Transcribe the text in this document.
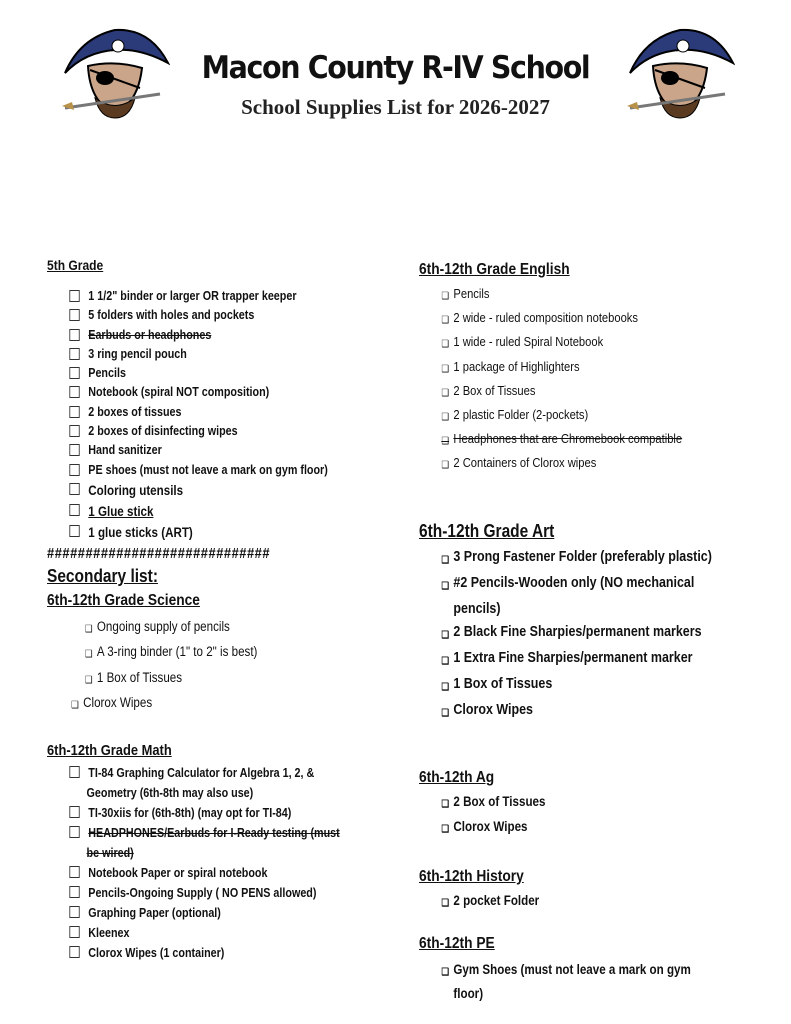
Macon County R-IV School
School Supplies List for 2026-2027
5th Grade
1 1/2" binder or larger OR trapper keeper
5 folders with holes and pockets
Earbuds or headphones
3 ring pencil pouch
Pencils
Notebook (spiral NOT composition)
2 boxes of tissues
2 boxes of disinfecting wipes
Hand sanitizer
PE shoes (must not leave a mark on gym floor)
Coloring utensils
1 Glue stick
1 glue sticks (ART)
#############################
Secondary list:
6th-12th Grade Science
❑ Ongoing supply of pencils
❑ A 3-ring binder (1" to 2" is best)
❑ 1 Box of Tissues
❑ Clorox Wipes
6th-12th Grade Math
TI-84 Graphing Calculator for Algebra 1, 2, &
Geometry (6th-8th may also use)
TI-30xiis for (6th-8th) (may opt for TI-84)
HEADPHONES/Earbuds for I-Ready testing (must
be wired)
Notebook Paper or spiral notebook
Pencils-Ongoing Supply ( NO PENS allowed)
Graphing Paper (optional)
Kleenex
Clorox Wipes (1 container)
6th-12th Grade English
❑ Pencils
❑ 2 wide - ruled composition notebooks
❑ 1 wide - ruled Spiral Notebook
❑ 1 package of Highlighters
❑ 2 Box of Tissues
❑ 2 plastic Folder (2-pockets)
❑ Headphones that are Chromebook compatible
❑ 2 Containers of Clorox wipes
6th-12th Grade Art
❑ 3 Prong Fastener Folder (preferably plastic)
❑ #2 Pencils-Wooden only (NO mechanical
pencils)
❑ 2 Black Fine Sharpies/permanent markers
❑ 1 Extra Fine Sharpies/permanent marker
❑ 1 Box of Tissues
❑ Clorox Wipes
6th-12th Ag
❑ 2 Box of Tissues
❑ Clorox Wipes
6th-12th History
❑ 2 pocket Folder
6th-12th PE
❑ Gym Shoes (must not leave a mark on gym
floor)
